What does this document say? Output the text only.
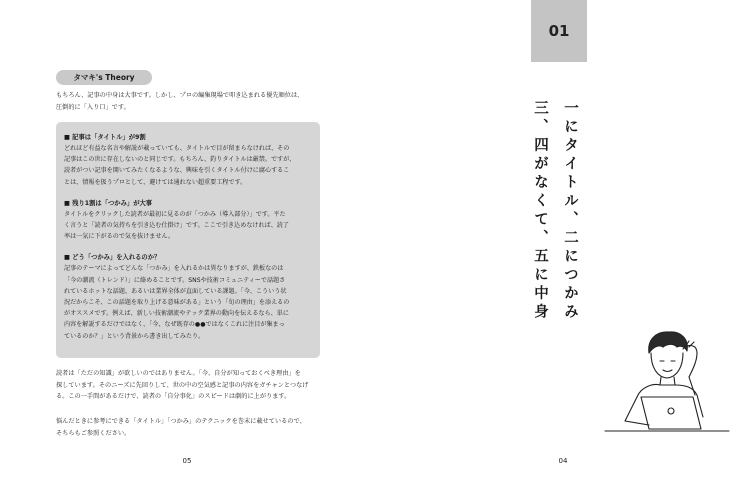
タマキ's Theory

もちろん、記事の中身は大事です。しかし、プロの編集現場で叩き込まれる優先順位は、
圧倒的に「入り口」です。

■ 記事は「タイトル」が9割

どれほど有益な名言や解説が載っていても、タイトルで目が留まらなければ、その
記事はこの世に存在しないのと同じです。もちろん、釣りタイトルは厳禁。ですが、
読者がつい記事を開いてみたくなるような、興味を引くタイトル付けに腐心するこ
とは、情報を扱うプロとして、避けては通れない超重要工程です。

■ 残り1割は「つかみ」が大事

タイトルをクリックした読者が最初に見るのが「つかみ（導入部分）」です。平た
く言うと「読者の気持ちを引き込む仕掛け」です。ここで引き込めなければ、読了
率は一気に下がるので気を抜けません。

■ どう「つかみ」を入れるのか？

記事のテーマによってどんな「つかみ」を入れるかは異なりますが、鉄板なのは
「今の潮流（トレンド）」に絡めることです。SNSや技術コミュニティーで話題さ
れているホットな話題、あるいは業界全体が直面している課題。「今、こういう状
況だからこそ、この話題を取り上げる意味がある」という「旬の理由」を添えるの
がオススメです。例えば、新しい技術潮流やテック業界の動向を伝えるなら、単に
内容を解説するだけではなく、「今、なぜ既存の●●ではなくこれに注目が集まっ
ているのか？」という背景から書き出してみたり。

読者は「ただの知識」が欲しいのではありません。「今、自分が知っておくべき理由」を
探しています。そのニーズに先回りして、世の中の空気感と記事の内容をガチャンとつなげ
る。この一手間があるだけで、読者の「自分事化」のスピードは劇的に上がります。

悩んだときに参考にできる「タイトル」「つかみ」のテクニックを巻末に載せているので、
そちらもご参照ください。

05
01

一にタイトル、二につかみ

三、四がなくて、五に中身

04
